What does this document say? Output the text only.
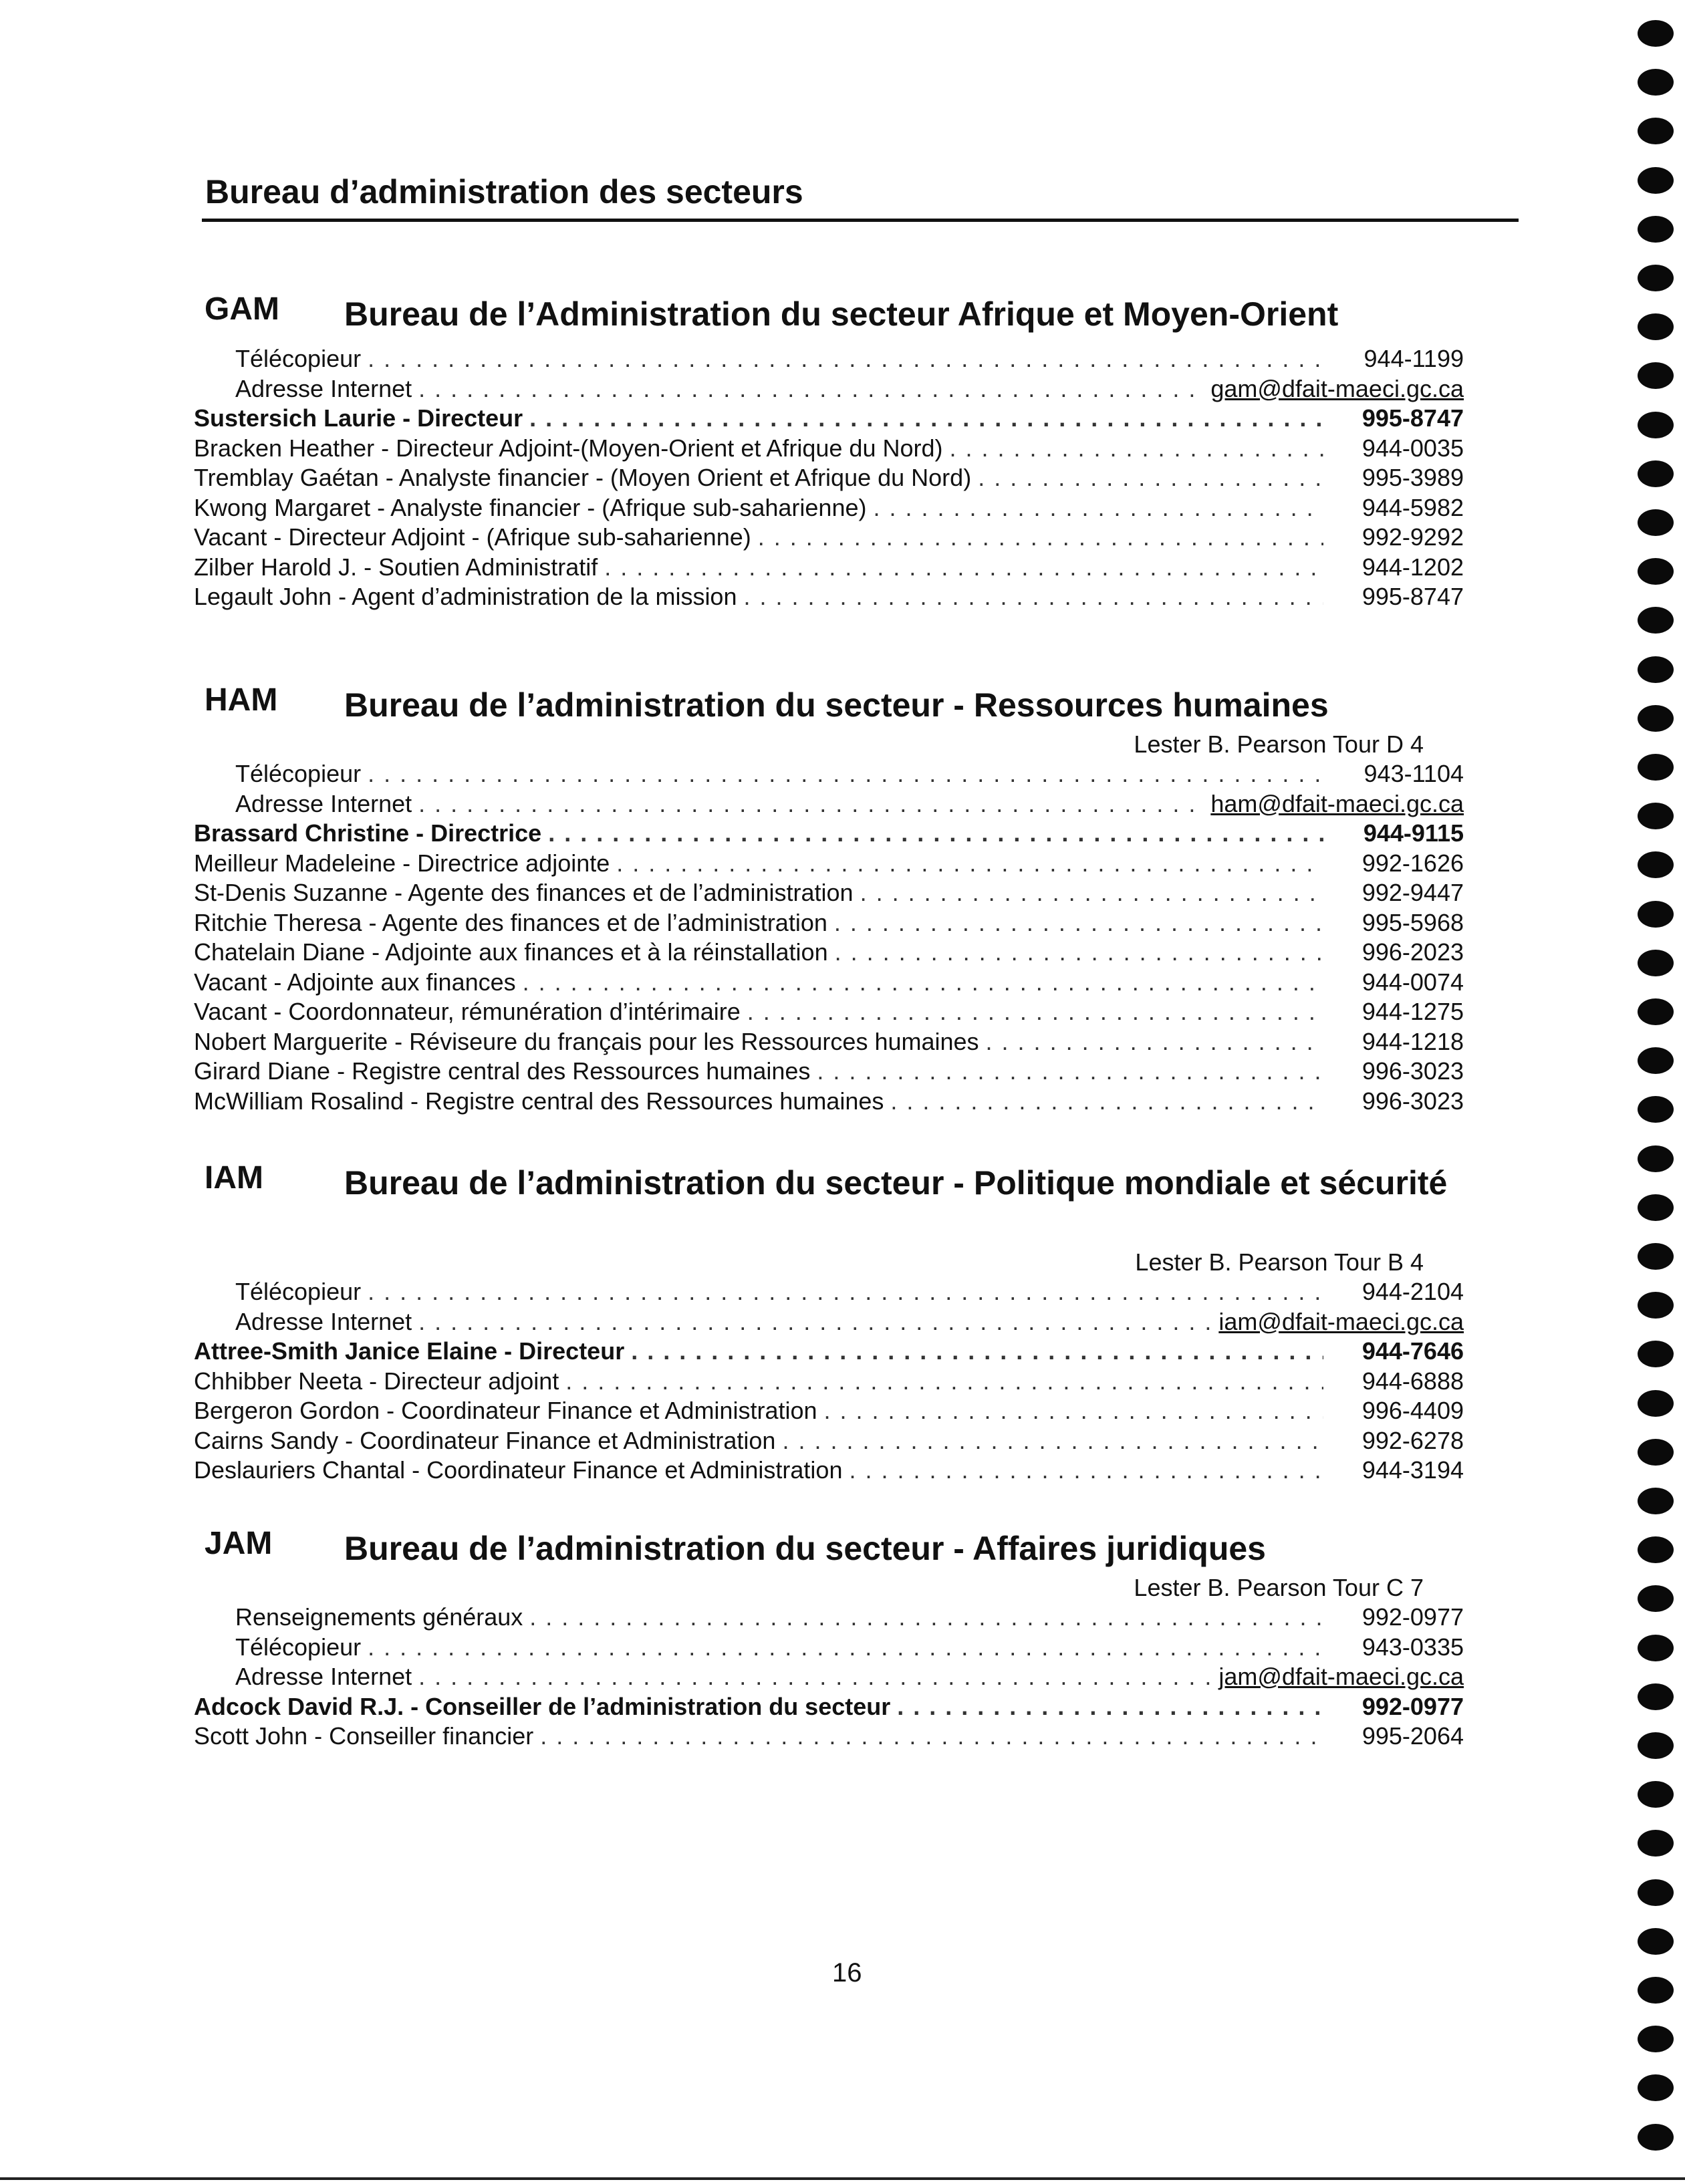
Bureau d’administration des secteurs
GAM Bureau de l’Administration du secteur Afrique et Moyen-Orient
Télécopieur . . .	944-1199
Adresse Internet . . .	gam@dfait-maeci.gc.ca
Sustersich Laurie - Directeur . . .	995-8747
Bracken Heather - Directeur Adjoint-(Moyen-Orient et Afrique du Nord) . . .	944-0035
Tremblay Gaétan - Analyste financier - (Moyen Orient et Afrique du Nord) . . .	995-3989
Kwong Margaret - Analyste financier - (Afrique sub-saharienne) . . .	944-5982
Vacant - Directeur Adjoint - (Afrique sub-saharienne) . . .	992-9292
Zilber Harold J. - Soutien Administratif . . .	944-1202
Legault John - Agent d’administration de la mission . . .	995-8747
HAM Bureau de l’administration du secteur - Ressources humaines
Lester B. Pearson Tour D 4
Télécopieur . . .	943-1104
Adresse Internet . . .	ham@dfait-maeci.gc.ca
Brassard Christine - Directrice . . .	944-9115
Meilleur Madeleine - Directrice adjointe . . .	992-1626
St-Denis Suzanne - Agente des finances et de l’administration . . .	992-9447
Ritchie Theresa - Agente des finances et de l’administration . . .	995-5968
Chatelain Diane - Adjointe aux finances et à la réinstallation . . .	996-2023
Vacant - Adjointe aux finances . . .	944-0074
Vacant - Coordonnateur, rémunération d’intérimaire . . .	944-1275
Nobert Marguerite - Réviseure du français pour les Ressources humaines . . .	944-1218
Girard Diane - Registre central des Ressources humaines . . .	996-3023
McWilliam Rosalind - Registre central des Ressources humaines . . .	996-3023
IAM Bureau de l’administration du secteur - Politique mondiale et sécurité
Lester B. Pearson Tour B 4
Télécopieur . . .	944-2104
Adresse Internet . . .	iam@dfait-maeci.gc.ca
Attree-Smith Janice Elaine - Directeur . . .	944-7646
Chhibber Neeta - Directeur adjoint . . .	944-6888
Bergeron Gordon - Coordinateur Finance et Administration . . .	996-4409
Cairns Sandy - Coordinateur Finance et Administration . . .	992-6278
Deslauriers Chantal - Coordinateur Finance et Administration . . .	944-3194
JAM Bureau de l’administration du secteur - Affaires juridiques
Lester B. Pearson Tour C 7
Renseignements généraux . . .	992-0977
Télécopieur . . .	943-0335
Adresse Internet . . .	jam@dfait-maeci.gc.ca
Adcock David R.J. - Conseiller de l’administration du secteur . . .	992-0977
Scott John - Conseiller financier . . .	995-2064
16
